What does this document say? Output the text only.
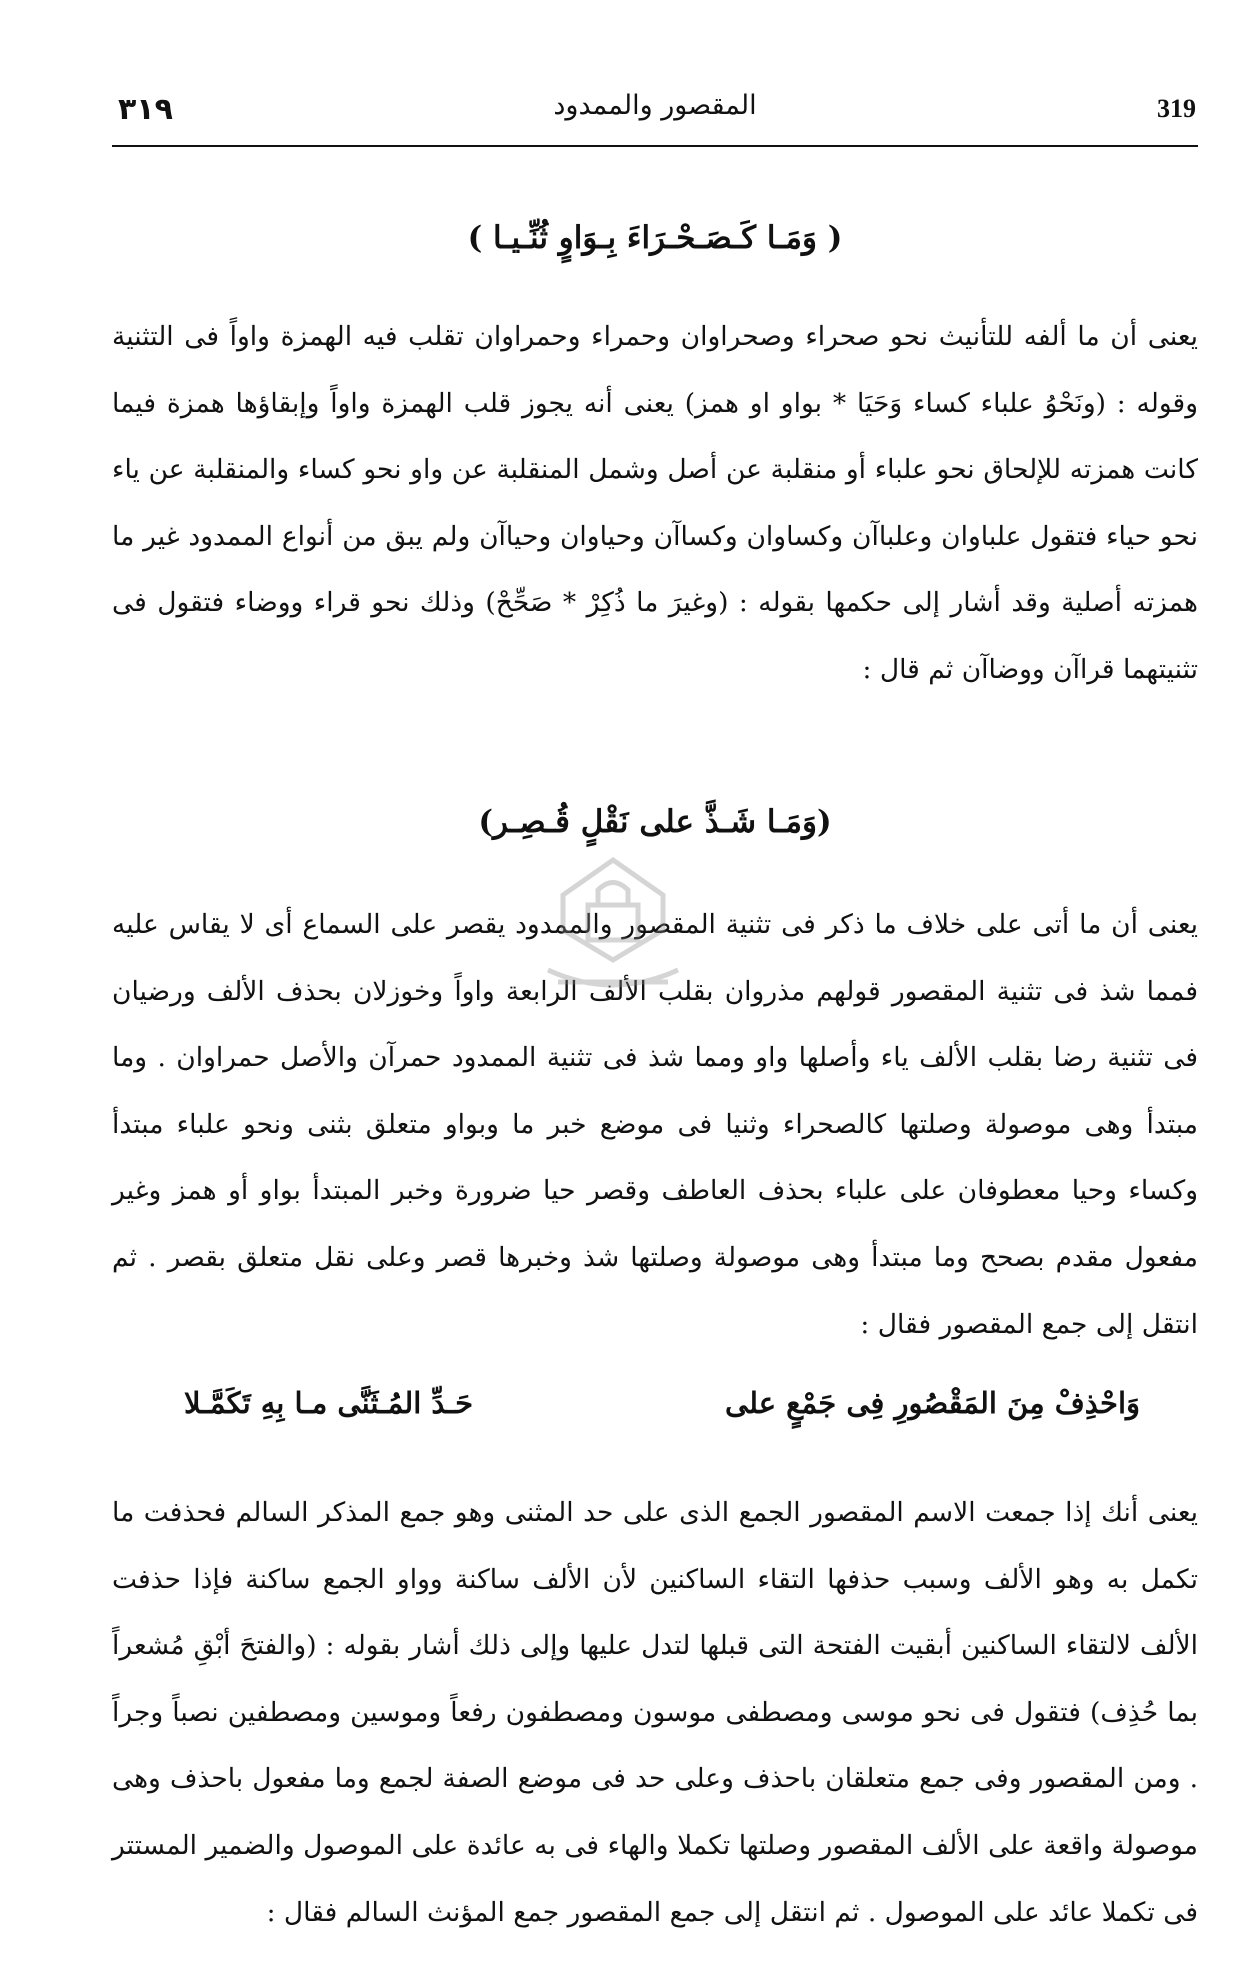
٣١٩	المقصور والممدود	319
( وَمَـا كَـصَـحْـرَاءَ بِـوَاوٍ ثُنِّـيـا )

يعنى أن ما ألفه للتأنيث نحو صحراء وصحراوان وحمراء وحمراوان تقلب فيه الهمزة واواً فى التثنية وقوله : (ونَحْوُ علباء كساء وَحَيَا * بواو او همز) يعنى أنه يجوز قلب الهمزة واواً وإبقاؤها همزة فيما كانت همزته للإلحاق نحو علباء أو منقلبة عن أصل وشمل المنقلبة عن واو نحو كساء والمنقلبة عن ياء نحو حياء فتقول علباوان وعلباآن وكساوان وكساآن وحياوان وحياآن ولم يبق من أنواع الممدود غير ما همزته أصلية وقد أشار إلى حكمها بقوله : (وغيرَ ما ذُكِرْ * صَحِّحْ) وذلك نحو قراء ووضاء فتقول فى تثنيتهما قراآن ووضاآن ثم قال :

(وَمَـا شَـذَّ على نَقْلٍ قُـصِـر)

يعنى أن ما أتى على خلاف ما ذكر فى تثنية المقصور والممدود يقصر على السماع أى لا يقاس عليه فمما شذ فى تثنية المقصور قولهم مذروان بقلب الألف الرابعة واواً وخوزلان بحذف الألف ورضيان فى تثنية رضا بقلب الألف ياء وأصلها واو ومما شذ فى تثنية الممدود حمرآن والأصل حمراوان . وما مبتدأ وهى موصولة وصلتها كالصحراء وثنيا فى موضع خبر ما وبواو متعلق بثنى ونحو علباء مبتدأ وكساء وحيا معطوفان على علباء بحذف العاطف وقصر حيا ضرورة وخبر المبتدأ بواو أو همز وغير مفعول مقدم بصحح وما مبتدأ وهى موصولة وصلتها شذ وخبرها قصر وعلى نقل متعلق بقصر . ثم انتقل إلى جمع المقصور فقال :

وَاحْذِفْ مِنَ المَقْصُورِ فِى جَمْعٍ على
حَـدِّ المُـثَنَّى مـا بِهِ تَكَمَّـلا

يعنى أنك إذا جمعت الاسم المقصور الجمع الذى على حد المثنى وهو جمع المذكر السالم فحذفت ما تكمل به وهو الألف وسبب حذفها التقاء الساكنين لأن الألف ساكنة وواو الجمع ساكنة فإذا حذفت الألف لالتقاء الساكنين أبقيت الفتحة التى قبلها لتدل عليها وإلى ذلك أشار بقوله : (والفتحَ أبْقِ مُشعراً بما حُذِف) فتقول فى نحو موسى ومصطفى موسون ومصطفون رفعاً وموسين ومصطفين نصباً وجراً . ومن المقصور وفى جمع متعلقان باحذف وعلى حد فى موضع الصفة لجمع وما مفعول باحذف وهى موصولة واقعة على الألف المقصور وصلتها تكملا والهاء فى به عائدة على الموصول والضمير المستتر فى تكملا عائد على الموصول . ثم انتقل إلى جمع المقصور جمع المؤنث السالم فقال :
